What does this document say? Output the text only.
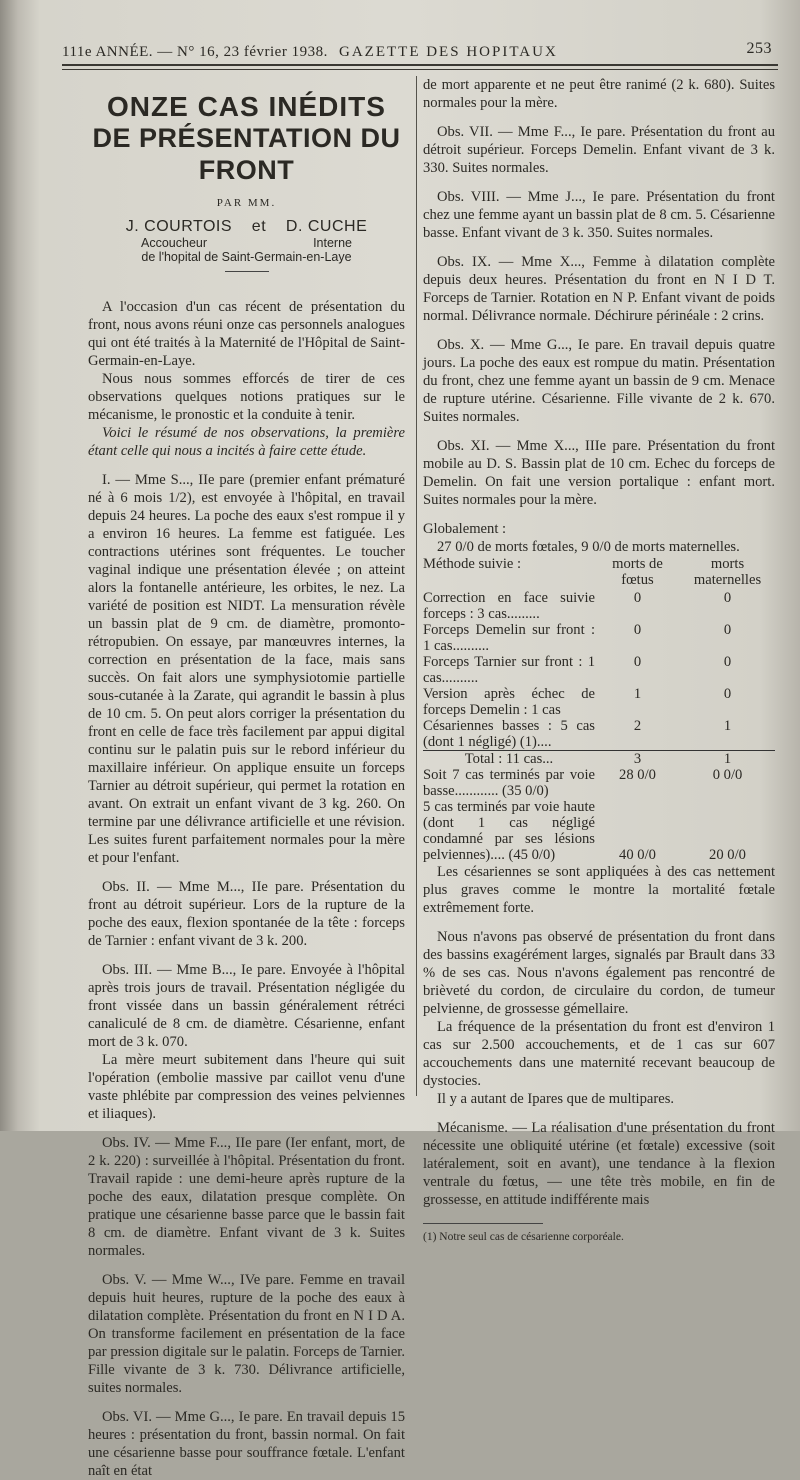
111e ANNÉE. — N° 16, 23 février 1938. GAZETTE DES HOPITAUX	253
ONZE CAS INÉDITS
DE PRÉSENTATION DU FRONT
PAR MM.
J. COURTOIS    et    D. CUCHE
Accoucheur	Interne
de l'hopital de Saint-Germain-en-Laye

A l'occasion d'un cas récent de présentation du front, nous avons réuni onze cas personnels analogues qui ont été traités à la Maternité de l'Hôpital de Saint-Germain-en-Laye.

Nous nous sommes efforcés de tirer de ces observations quelques notions pratiques sur le mécanisme, le pronostic et la conduite à tenir.

Voici le résumé de nos observations, la première étant celle qui nous a incités à faire cette étude.

I. — Mme S..., IIe pare (premier enfant prématuré né à 6 mois 1/2), est envoyée à l'hôpital, en travail depuis 24 heures. La poche des eaux s'est rompue il y a environ 16 heures. La femme est fatiguée. Les contractions utérines sont fréquentes. Le toucher vaginal indique une présentation élevée ; on atteint alors la fontanelle antérieure, les orbites, le nez. La variété de position est NIDT. La mensuration révèle un bassin plat de 9 cm. de diamètre, promonto-rétropubien. On essaye, par manœuvres internes, la correction en présentation de la face, mais sans succès. On fait alors une symphysiotomie partielle sous-cutanée à la Zarate, qui agrandit le bassin à plus de 10 cm. 5. On peut alors corriger la présentation du front en celle de face très facilement par appui digital continu sur le palatin puis sur le rebord inférieur du maxillaire inférieur. On applique ensuite un forceps Tarnier au détroit supérieur, qui permet la rotation en avant. On extrait un enfant vivant de 3 kg. 260. On termine par une délivrance artificielle et une révision. Les suites furent parfaitement normales pour la mère et pour l'enfant.

Obs. II. — Mme M..., IIe pare. Présentation du front au détroit supérieur. Lors de la rupture de la poche des eaux, flexion spontanée de la tête : forceps de Tarnier : enfant vivant de 3 k. 200.

Obs. III. — Mme B..., Ie pare. Envoyée à l'hôpital après trois jours de travail. Présentation négligée du front vissée dans un bassin généralement rétréci canaliculé de 8 cm. de diamètre. Césarienne, enfant mort de 3 k. 070.

La mère meurt subitement dans l'heure qui suit l'opération (embolie massive par caillot venu d'une vaste phlébite par compression des veines pelviennes et iliaques).

Obs. IV. — Mme F..., IIe pare (Ier enfant, mort, de 2 k. 220) : surveillée à l'hôpital. Présentation du front. Travail rapide : une demi-heure après rupture de la poche des eaux, dilatation presque complète. On pratique une césarienne basse parce que le bassin fait 8 cm. de diamètre. Enfant vivant de 3 k. Suites normales.

Obs. V. — Mme W..., IVe pare. Femme en travail depuis huit heures, rupture de la poche des eaux à dilatation complète. Présentation du front en N I D A. On transforme facilement en présentation de la face par pression digitale sur le palatin. Forceps de Tarnier. Fille vivante de 3 k. 730. Délivrance artificielle, suites normales.

Obs. VI. — Mme G..., Ie pare. En travail depuis 15 heures : présentation du front, bassin normal. On fait une césarienne basse pour souffrance fœtale. L'enfant naît en état

de mort apparente et ne peut être ranimé (2 k. 680). Suites normales pour la mère.

Obs. VII. — Mme F..., Ie pare. Présentation du front au détroit supérieur. Forceps Demelin. Enfant vivant de 3 k. 330. Suites normales.

Obs. VIII. — Mme J..., Ie pare. Présentation du front chez une femme ayant un bassin plat de 8 cm. 5. Césarienne basse. Enfant vivant de 3 k. 350. Suites normales.

Obs. IX. — Mme X..., Femme à dilatation complète depuis deux heures. Présentation du front en N I D T. Forceps de Tarnier. Rotation en N P. Enfant vivant de poids normal. Délivrance normale. Déchirure périnéale : 2 crins.

Obs. X. — Mme G..., Ie pare. En travail depuis quatre jours. La poche des eaux est rompue du matin. Présentation du front, chez une femme ayant un bassin de 9 cm. Menace de rupture utérine. Césarienne. Fille vivante de 2 k. 670. Suites normales.

Obs. XI. — Mme X..., IIIe pare. Présentation du front mobile au D. S. Bassin plat de 10 cm. Echec du forceps de Demelin. On fait une version portalique : enfant mort. Suites normales pour la mère.

Globalement :

27 0/0 de morts fœtales, 9 0/0 de morts maternelles.

Méthode suivie :	morts de fœtus	morts maternelles
Correction en face suivie forceps : 3 cas.........	0	0
Forceps Demelin sur front : 1 cas..........	0	0
Forceps Tarnier sur front : 1 cas..........	0	0
Version après échec de forceps Demelin : 1 cas	1	0
Césariennes basses : 5 cas (dont 1 négligé) (1)....	2	1
Total : 11 cas...	3	1
Soit 7 cas terminés par voie basse............ (35 0/0)	28 0/0	0 0/0
5 cas terminés par voie haute (dont 1 cas négligé condamné par ses lésions pelviennes).... (45 0/0)	40 0/0	20 0/0

Les césariennes se sont appliquées à des cas nettement plus graves comme le montre la mortalité fœtale extrêmement forte.

Nous n'avons pas observé de présentation du front dans des bassins exagérément larges, signalés par Brault dans 33 % de ses cas. Nous n'avons également pas rencontré de brièveté du cordon, de circulaire du cordon, de tumeur pelvienne, de grossesse gémellaire.

La fréquence de la présentation du front est d'environ 1 cas sur 2.500 accouchements, et de 1 cas sur 607 accouchements dans une maternité recevant beaucoup de dystocies.

Il y a autant de Ipares que de multipares.

Mécanisme. — La réalisation d'une présentation du front nécessite une obliquité utérine (et fœtale) excessive (soit latéralement, soit en avant), une tendance à la flexion ventrale du fœtus, — une tête très mobile, en fin de grossesse, en attitude indifférente mais

(1) Notre seul cas de césarienne corporéale.
